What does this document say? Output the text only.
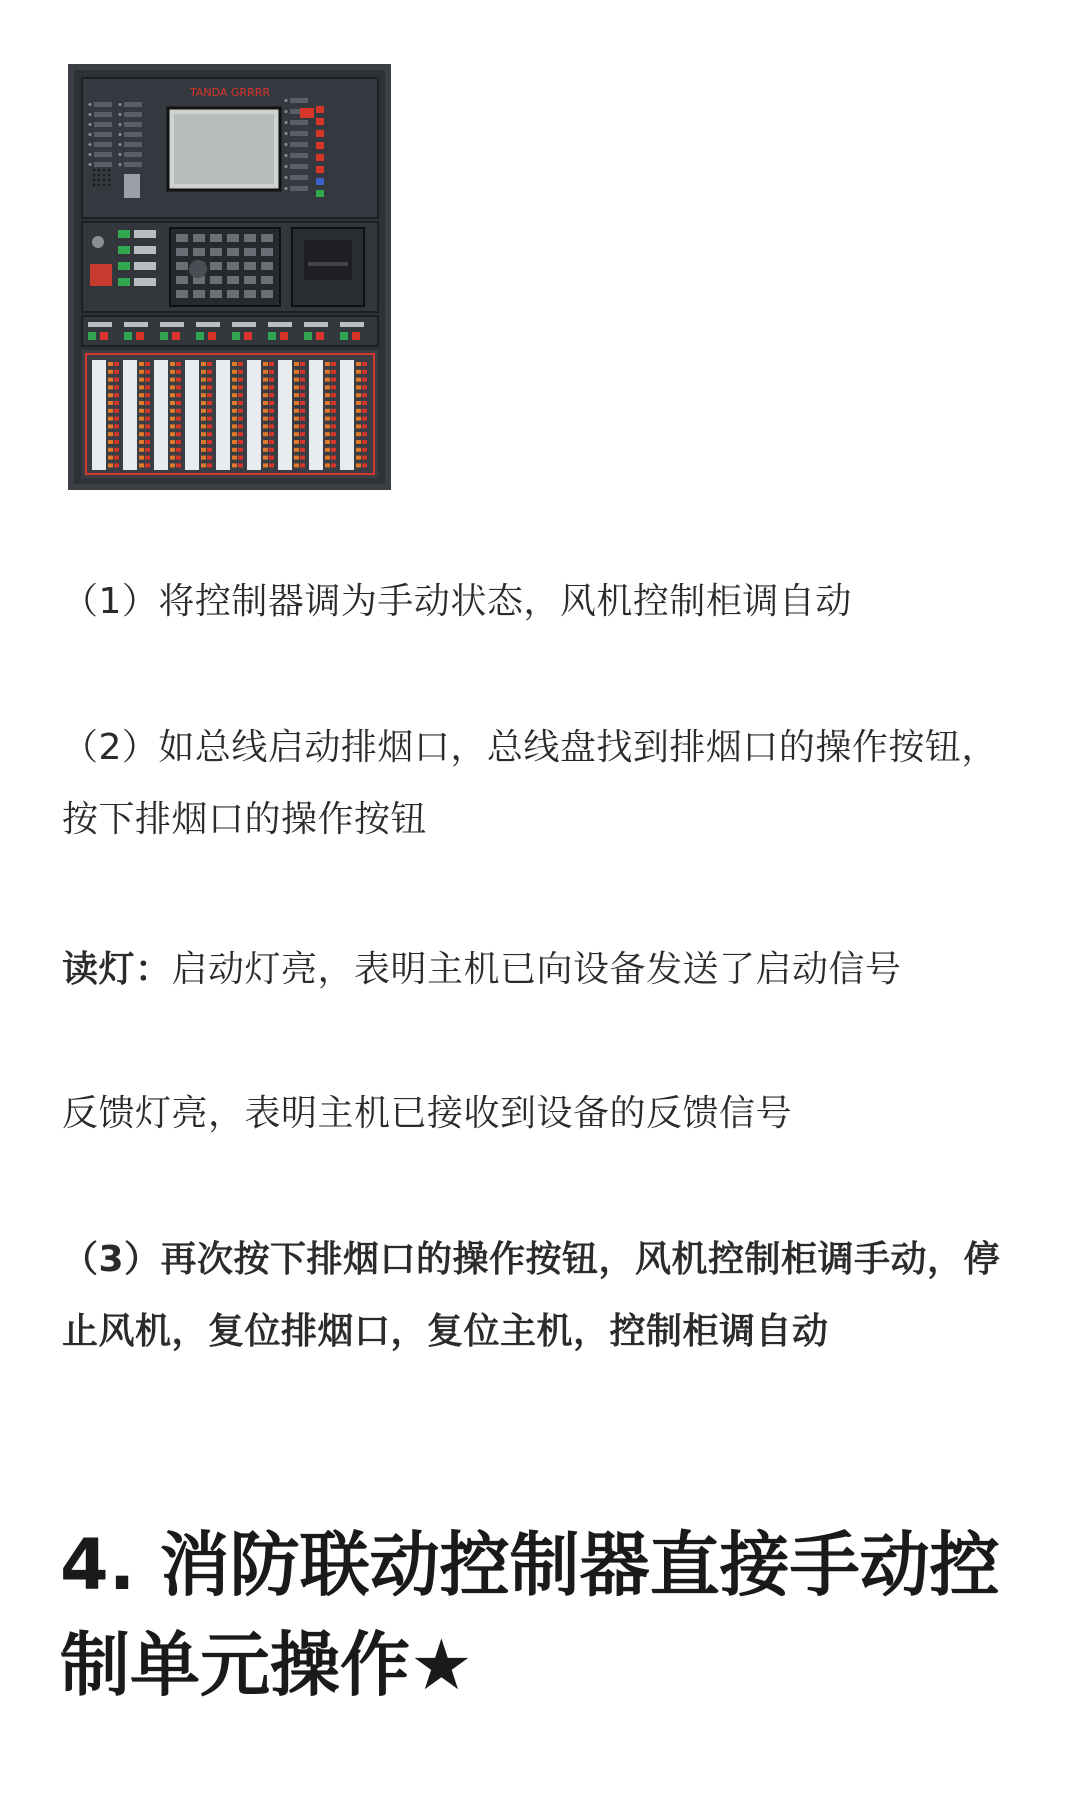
TANDA GRRRR

（1）将控制器调为手动状态，风机控制柜调自动

（2）如总线启动排烟口，总线盘找到排烟口的操作按钮，按下排烟口的操作按钮

读灯：启动灯亮，表明主机已向设备发送了启动信号

反馈灯亮，表明主机已接收到设备的反馈信号

（3）再次按下排烟口的操作按钮，风机控制柜调手动，停止风机，复位排烟口，复位主机，控制柜调自动

4. 消防联动控制器直接手动控制单元操作★
